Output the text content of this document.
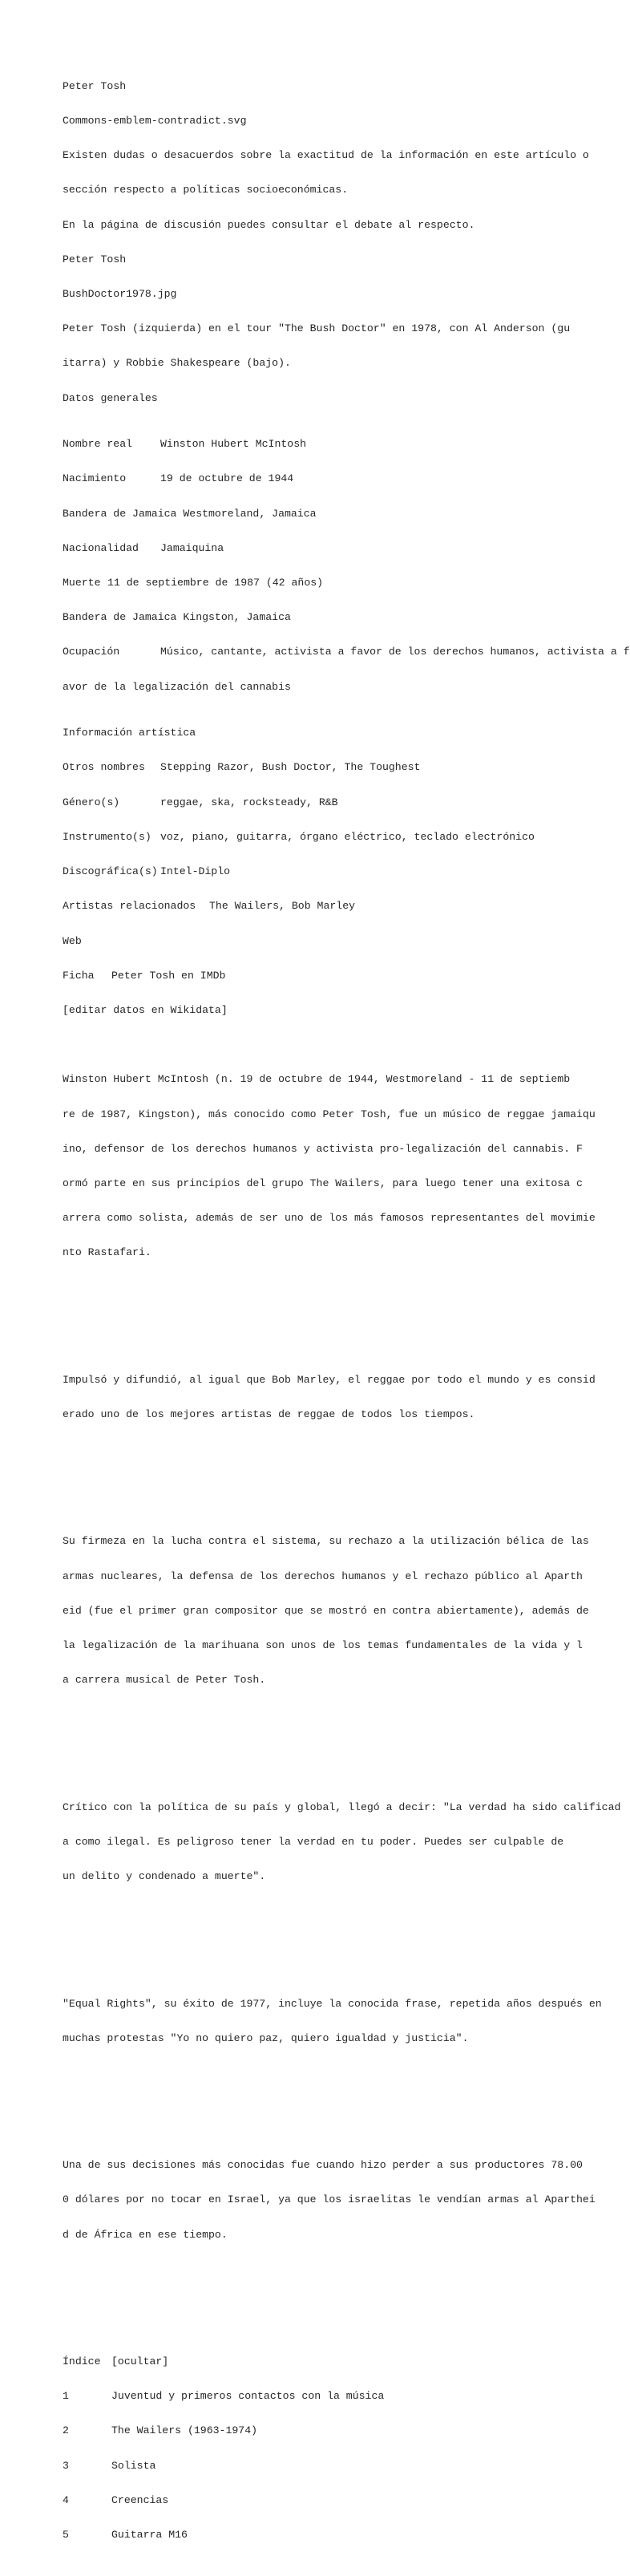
Peter Tosh

Commons-emblem-contradict.svg

Existen dudas o desacuerdos sobre la exactitud de la información en este artículo o

sección respecto a políticas socioeconómicas.

En la página de discusión puedes consultar el debate al respecto.

Peter Tosh

BushDoctor1978.jpg

Peter Tosh (izquierda) en el tour "The Bush Doctor" en 1978, con Al Anderson (gu

itarra) y Robbie Shakespeare (bajo).

Datos generales

Nombre real	Winston Hubert McIntosh

Nacimiento	19 de octubre de 1944

Bandera de Jamaica Westmoreland, Jamaica

Nacionalidad Jamaiquina

Muerte 11 de septiembre de 1987 (42 años)

Bandera de Jamaica Kingston, Jamaica

Ocupación	Músico, cantante, activista a favor de los derechos humanos, activista a f

avor de la legalización del cannabis

Información artística

Otros nombres Stepping Razor, Bush Doctor, The Toughest

Género(s)	reggae, ska, rocksteady, R&B

Instrumento(s) voz, piano, guitarra, órgano eléctrico, teclado electrónico

Discográfica(s) Intel-Diplo

Artistas relacionados The Wailers, Bob Marley

Web

Ficha Peter Tosh en IMDb

[editar datos en Wikidata]

Winston Hubert McIntosh (n. 19 de octubre de 1944, Westmoreland - 11 de septiemb

re de 1987, Kingston), más conocido como Peter Tosh, fue un músico de reggae jamaiqu

ino, defensor de los derechos humanos y activista pro-legalización del cannabis. F

ormó parte en sus principios del grupo The Wailers, para luego tener una exitosa c

arrera como solista, además de ser uno de los más famosos representantes del movimie

nto Rastafari.

Impulsó y difundió, al igual que Bob Marley, el reggae por todo el mundo y es consid

erado uno de los mejores artistas de reggae de todos los tiempos.

Su firmeza en la lucha contra el sistema, su rechazo a la utilización bélica de las

armas nucleares, la defensa de los derechos humanos y el rechazo público al Aparth

eid (fue el primer gran compositor que se mostró en contra abiertamente), además de

la legalización de la marihuana son unos de los temas fundamentales de la vida y l

a carrera musical de Peter Tosh.

Crítico con la política de su país y global, llegó a decir: "La verdad ha sido calificad

a como ilegal. Es peligroso tener la verdad en tu poder. Puedes ser culpable de

un delito y condenado a muerte".

"Equal Rights", su éxito de 1977, incluye la conocida frase, repetida años después en

muchas protestas "Yo no quiero paz, quiero igualdad y justicia".

Una de sus decisiones más conocidas fue cuando hizo perder a sus productores 78.00

0 dólares por no tocar en Israel, ya que los israelitas le vendían armas al Aparthei

d de África en ese tiempo.

Índice [ocultar]

1	Juventud y primeros contactos con la música

2	The Wailers (1963-1974)

3	Solista

4	Creencias

5	Guitarra M16
